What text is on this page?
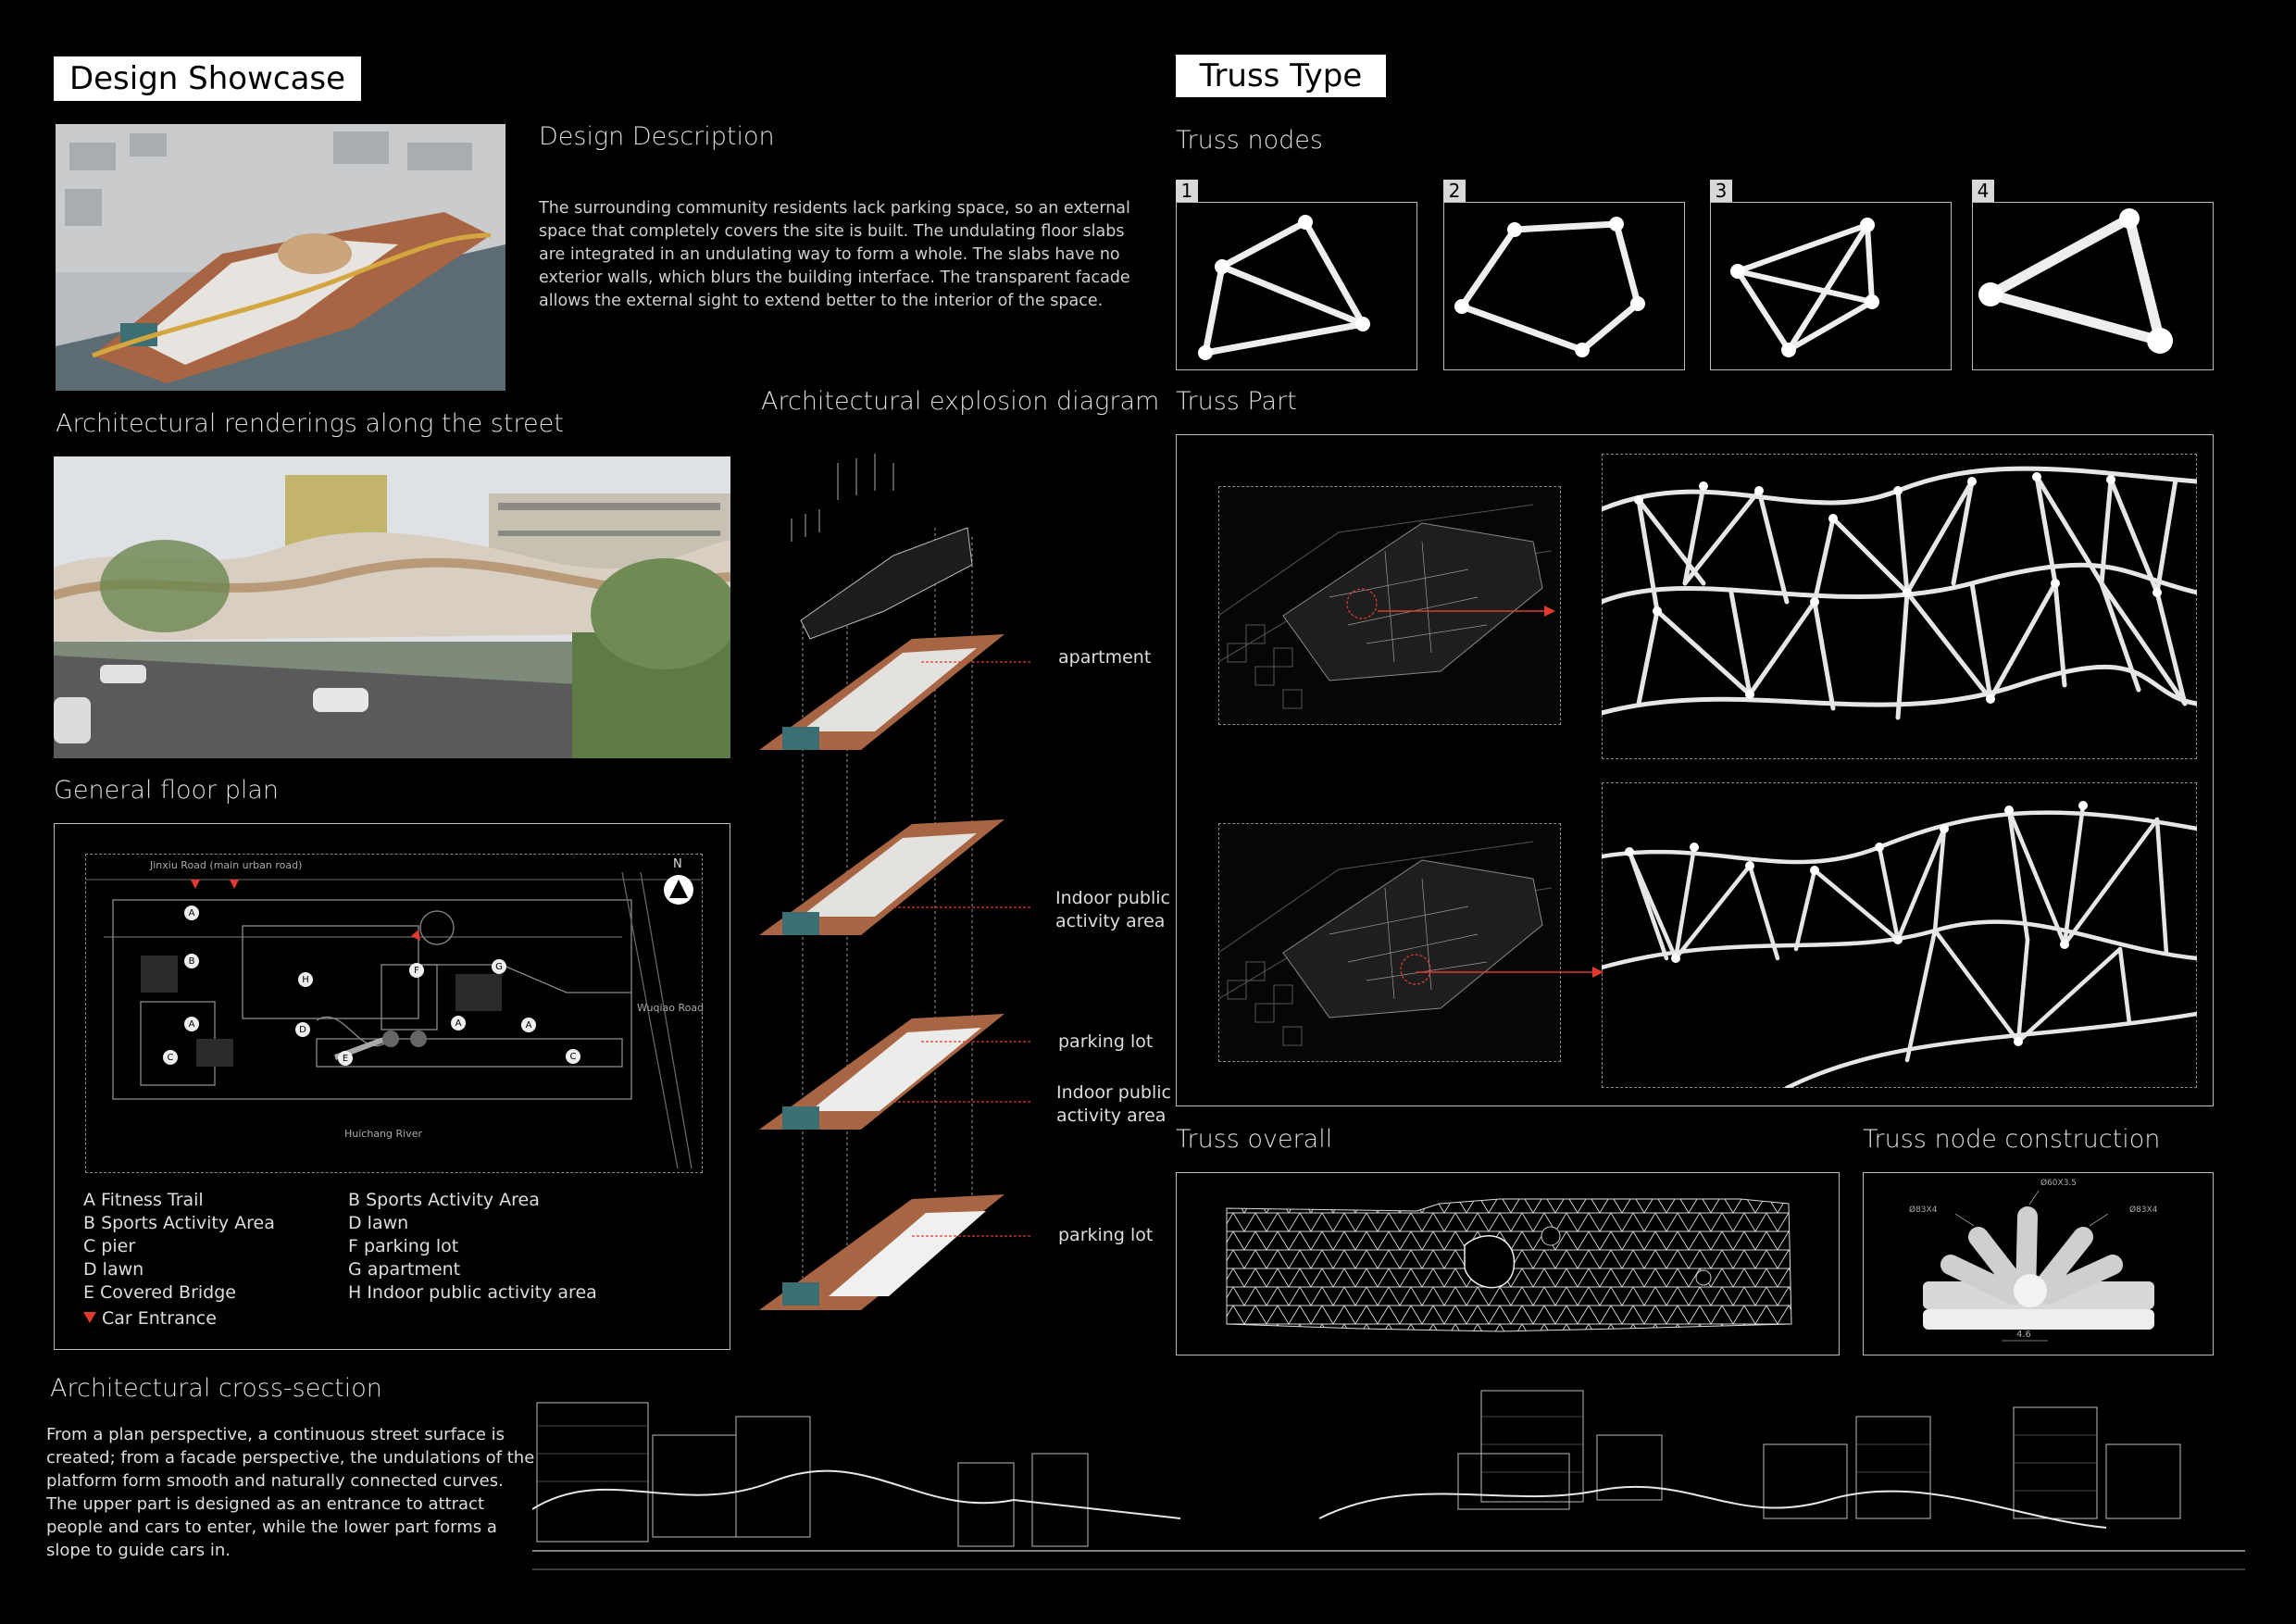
Design Showcase
Design Description
The surrounding community residents lack parking space, so an external space that completely covers the site is built. The undulating floor slabs are integrated in an undulating way to form a whole. The slabs have no exterior walls, which blurs the building interface. The transparent facade allows the external sight to extend better to the interior of the space.
Architectural renderings along the street
General floor plan
Jinxiu Road (main urban road)
Wuqiao Road
Huichang River
N
A
B
H
F	G
A
D
A	A
C	E	C
A Fitness Trail
B Sports Activity Area
C pier
D lawn
E Covered Bridge
Car Entrance
B Sports Activity Area
D lawn
F parking lot
G apartment
H Indoor public activity area
Architectural cross-section
From a plan perspective, a continuous street surface is created; from a facade perspective, the undulations of the platform form smooth and naturally connected curves. The upper part is designed as an entrance to attract people and cars to enter, while the lower part forms a slope to guide cars in.
Architectural explosion diagram
apartment
Indoor public activity area
parking lot
Indoor public activity area
parking lot
Truss Type
Truss nodes
1	2	3	4
Truss Part
Truss overall	Truss node construction
Ø60X3.5
Ø83X4	Ø83X4
4.6
